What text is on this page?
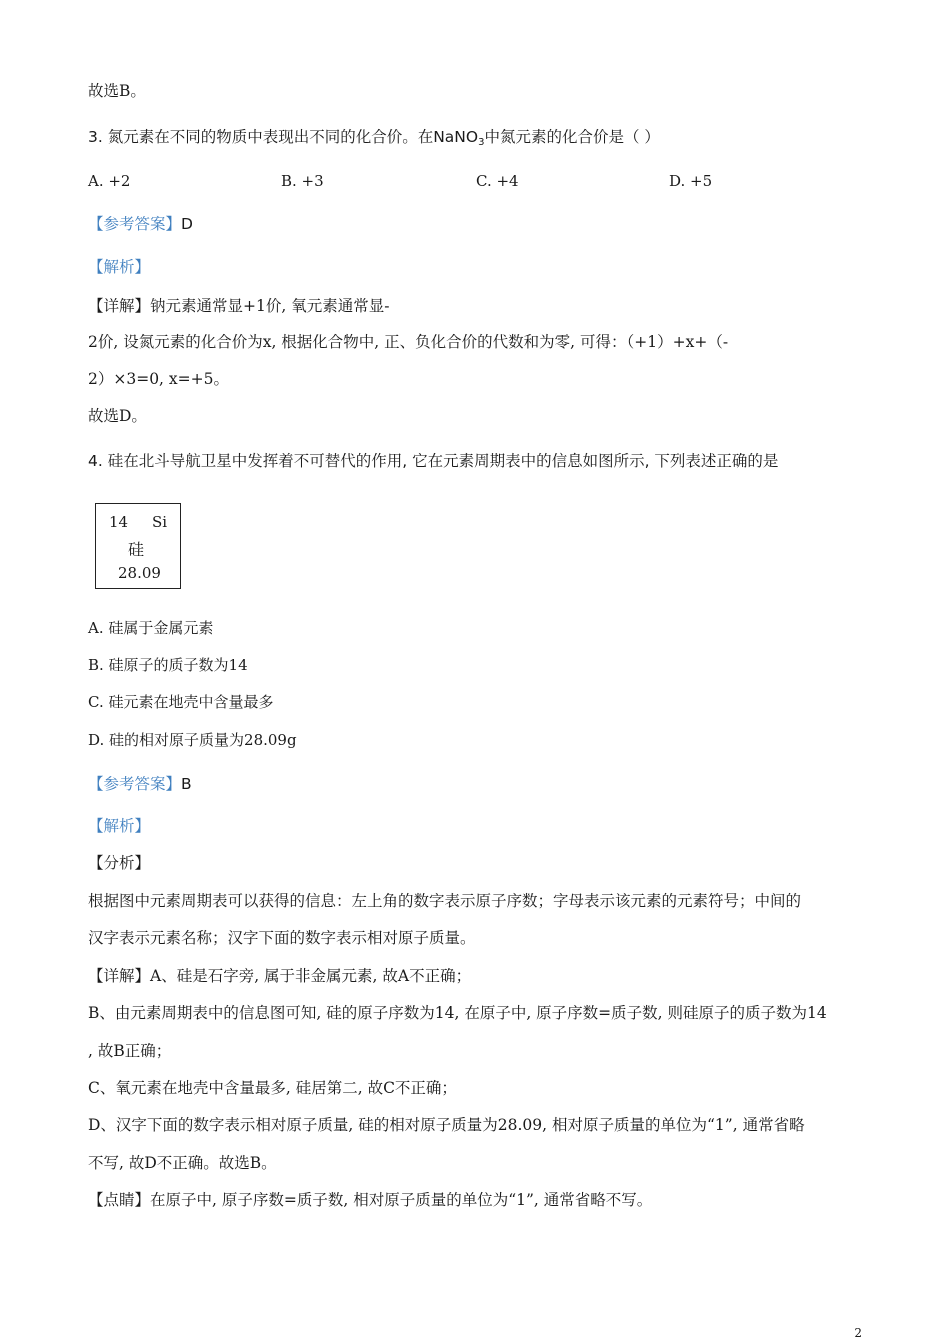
故选B。
3. 氮元素在不同的物质中表现出不同的化合价。在NaNO$_3$中氮元素的化合价是（ ）
A. +2	B. +3	C. +4	D. +5
【参考答案】D
【解析】
【详解】钠元素通常显+1价, 氧元素通常显-
2价, 设氮元素的化合价为x, 根据化合物中, 正、负化合价的代数和为零, 可得：（+1）+x+（-
2）×3=0, x=+5。
故选D。
4. 硅在北斗导航卫星中发挥着不可替代的作用, 它在元素周期表中的信息如图所示, 下列表述正确的是
14 Si
硅
28.09
A. 硅属于金属元素
B. 硅原子的质子数为14
C. 硅元素在地壳中含量最多
D. 硅的相对原子质量为28.09g
【参考答案】B
【解析】
【分析】
根据图中元素周期表可以获得的信息：左上角的数字表示原子序数；字母表示该元素的元素符号；中间的
汉字表示元素名称；汉字下面的数字表示相对原子质量。
【详解】A、硅是石字旁, 属于非金属元素, 故A不正确；
B、由元素周期表中的信息图可知, 硅的原子序数为14, 在原子中, 原子序数=质子数, 则硅原子的质子数为14
, 故B正确；
C、氧元素在地壳中含量最多, 硅居第二, 故C不正确；
D、汉字下面的数字表示相对原子质量, 硅的相对原子质量为28.09, 相对原子质量的单位为“1”, 通常省略
不写, 故D不正确。故选B。
【点睛】在原子中, 原子序数=质子数, 相对原子质量的单位为“1”, 通常省略不写。
2
